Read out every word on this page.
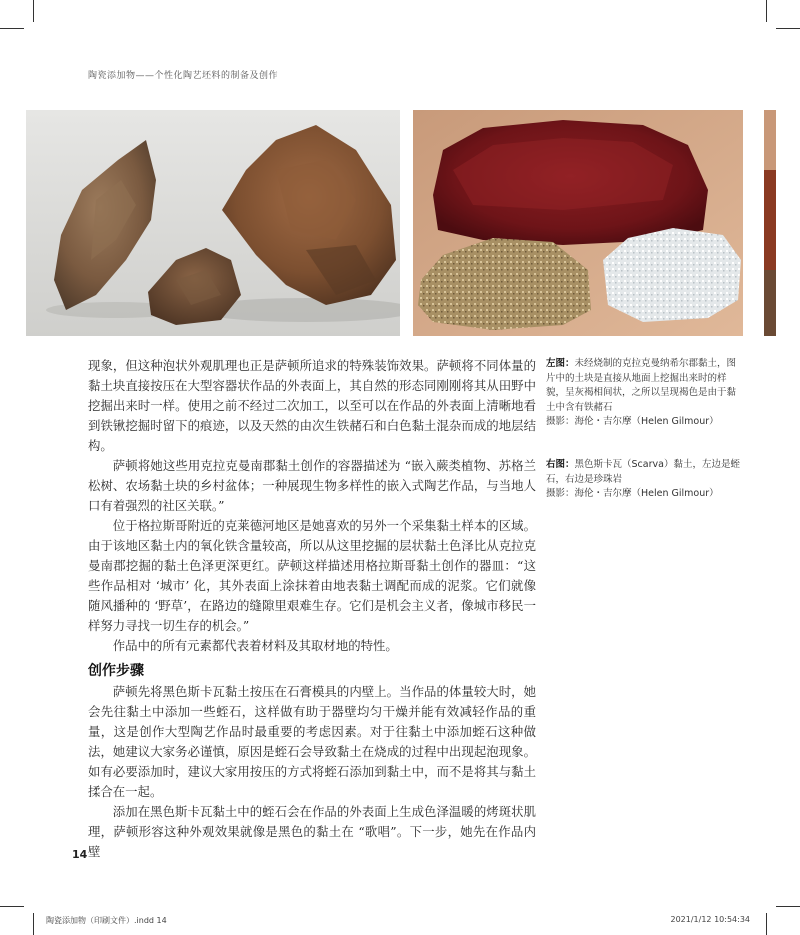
陶瓷添加物——个性化陶艺坯料的制备及创作

现象，但这种泡状外观肌理也正是萨顿所追求的特殊装饰效果。萨顿将不同体量的黏土块直接按压在大型容器状作品的外表面上，其自然的形态同刚刚将其从田野中挖掘出来时一样。使用之前不经过二次加工，以至可以在作品的外表面上清晰地看到铁锹挖掘时留下的痕迹，以及天然的由次生铁赭石和白色黏土混杂而成的地层结构。

萨顿将她这些用克拉克曼南郡黏土创作的容器描述为 “嵌入蕨类植物、苏格兰松树、农场黏土块的乡村盆体；一种展现生物多样性的嵌入式陶艺作品，与当地人口有着强烈的社区关联。”

位于格拉斯哥附近的克莱德河地区是她喜欢的另外一个采集黏土样本的区域。由于该地区黏土内的氧化铁含量较高，所以从这里挖掘的层状黏土色泽比从克拉克曼南郡挖掘的黏土色泽更深更红。萨顿这样描述用格拉斯哥黏土创作的器皿：“这些作品相对 ‘城市’ 化，其外表面上涂抹着由地表黏土调配而成的泥浆。它们就像随风播种的 ‘野草’，在路边的缝隙里艰难生存。它们是机会主义者，像城市移民一样努力寻找一切生存的机会。”

作品中的所有元素都代表着材料及其取材地的特性。

创作步骤

萨顿先将黑色斯卡瓦黏土按压在石膏模具的内壁上。当作品的体量较大时，她会先往黏土中添加一些蛭石，这样做有助于器壁均匀干燥并能有效减轻作品的重量，这是创作大型陶艺作品时最重要的考虑因素。对于往黏土中添加蛭石这种做法，她建议大家务必谨慎，原因是蛭石会导致黏土在烧成的过程中出现起泡现象。如有必要添加时，建议大家用按压的方式将蛭石添加到黏土中，而不是将其与黏土揉合在一起。

添加在黑色斯卡瓦黏土中的蛭石会在作品的外表面上生成色泽温暖的烤斑状肌理，萨顿形容这种外观效果就像是黑色的黏土在 “歌唱”。下一步，她先在作品内壁

左图：未经烧制的克拉克曼纳希尔郡黏土，图片中的土块是直接从地面上挖掘出来时的样貌，呈灰褐相间状，之所以呈现褐色是由于黏土中含有铁赭石

摄影：海伦・吉尔摩（Helen Gilmour）

右图：黑色斯卡瓦（Scarva）黏土，左边是蛭石，右边是珍珠岩

摄影：海伦・吉尔摩（Helen Gilmour）

14
陶瓷添加物（印刷文件）.indd 14	2021/1/12 10:54:34
